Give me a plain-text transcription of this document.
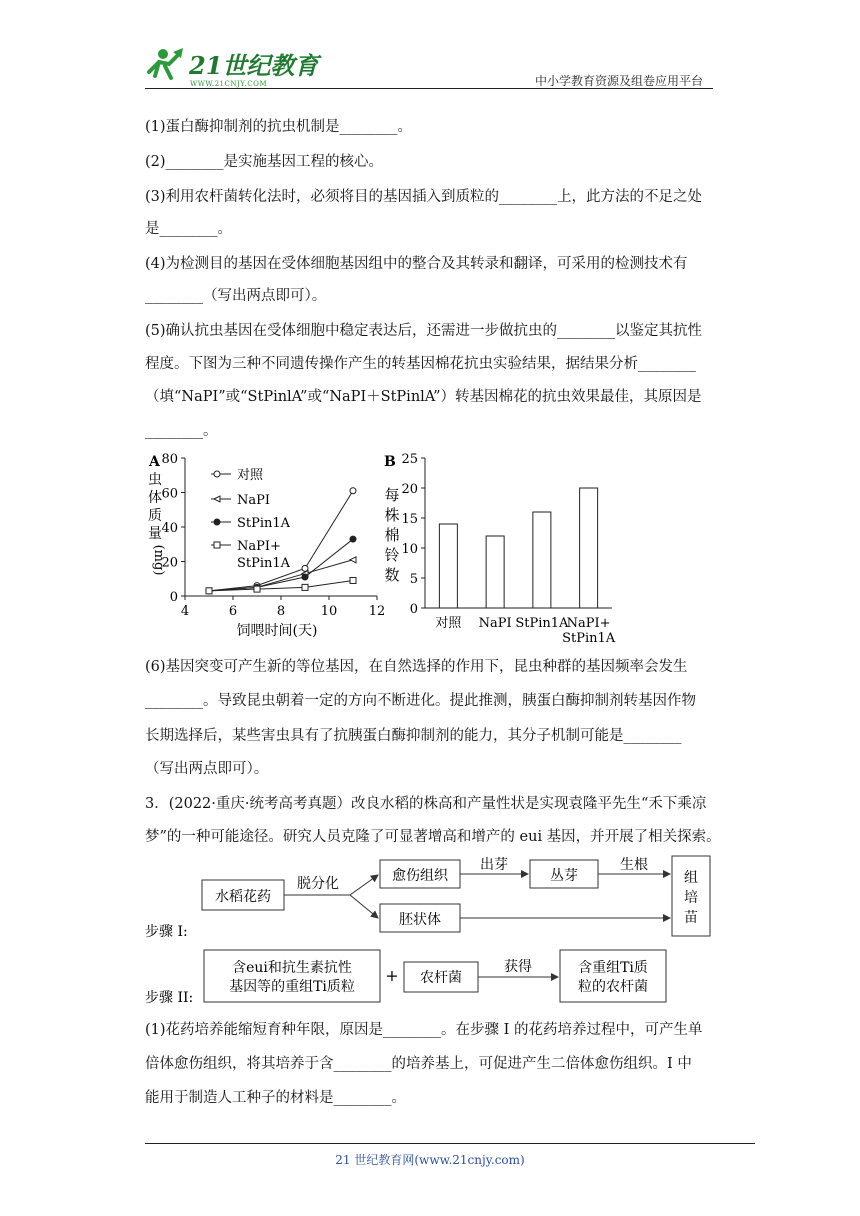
21世纪教育
WWW.21CNJY.COM	中小学教育资源及组卷应用平台
(1)蛋白酶抑制剂的抗虫机制是________。
(2)________是实施基因工程的核心。
(3)利用农杆菌转化法时，必须将目的基因插入到质粒的________上，此方法的不足之处
是________。
(4)为检测目的基因在受体细胞基因组中的整合及其转录和翻译，可采用的检测技术有
________（写出两点即可）。
(5)确认抗虫基因在受体细胞中稳定表达后，还需进一步做抗虫的________以鉴定其抗性
程度。下图为三种不同遗传操作产生的转基因棉花抗虫实验结果，据结果分析________
（填“NaPI”或“StPinlA”或“NaPI＋StPinlA”）转基因棉花的抗虫效果最佳，其原因是
________。
A
虫
体
质
量
(mg)
0
20
40
60
80
4	6	8	10 12
对照
NaPI
StPin1A
NaPI+
StPin1A
饲喂时间(天)
B
每
株
棉
铃
数
0
5
10
15
20
25
对照 NaPI StPin1A
NaPI+
StPin1A
(6)基因突变可产生新的等位基因，在自然选择的作用下，昆虫种群的基因频率会发生
________。导致昆虫朝着一定的方向不断进化。提此推测，胰蛋白酶抑制剂转基因作物
长期选择后，某些害虫具有了抗胰蛋白酶抑制剂的能力，其分子机制可能是________
（写出两点即可）。
3．(2022·重庆·统考高考真题）改良水稻的株高和产量性状是实现袁隆平先生“禾下乘凉
梦”的一种可能途径。研究人员克隆了可显著增高和增产的 eui 基因，并开展了相关探索。
步骤 I:
水稻花药
脱分化	愈伤组织
出芽
丛芽
生根
胚状体
组
培
苗
步骤 II:
含eui和抗生素抗性
基因等的重组Ti质粒
+ 农杆菌
获得	含重组Ti质
粒的农杆菌
(1)花药培养能缩短育种年限，原因是________。在步骤 I 的花药培养过程中，可产生单
倍体愈伤组织，将其培养于含________的培养基上，可促进产生二倍体愈伤组织。I 中
能用于制造人工种子的材料是________。
21 世纪教育网(www.21cnjy.com)
